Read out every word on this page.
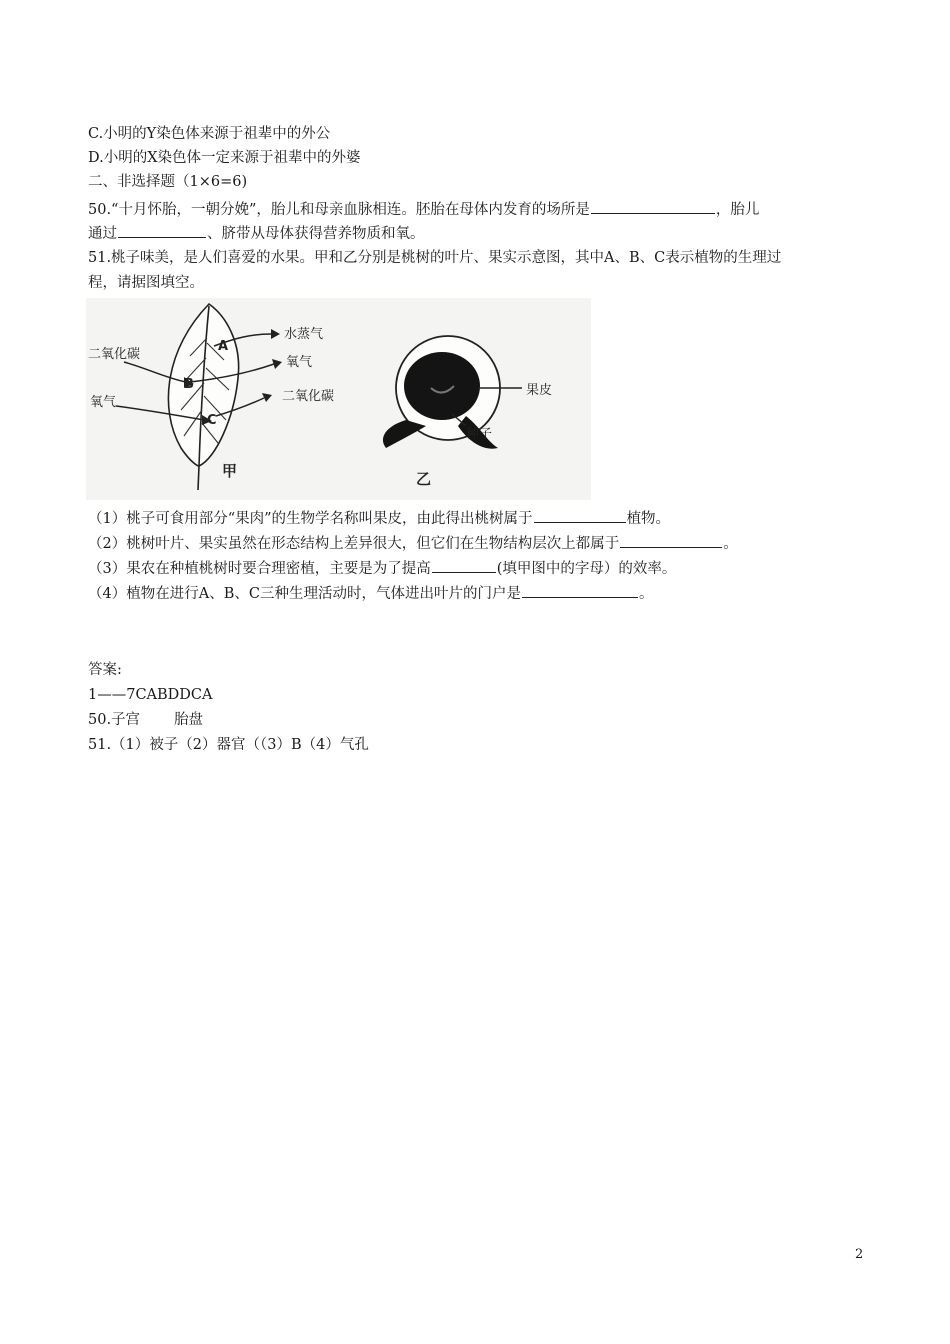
C.小明的Y染色体来源于祖辈中的外公
D.小明的X染色体一定来源于祖辈中的外婆
二、非选择题（1×6=6)
50.“十月怀胎，一朝分娩”，胎儿和母亲血脉相连。胚胎在母体内发育的场所是	，胎儿
通过	、脐带从母体获得营养物质和氧。
51.桃子味美，是人们喜爱的水果。甲和乙分别是桃树的叶片、果实示意图，其中A、B、C表示植物的生理过
程，请据图填空。
二氧化碳
氧气
水蒸气
氧气
二氧化碳
A
B
C
甲
果皮
种子
乙
（1）桃子可食用部分“果肉”的生物学名称叫果皮，由此得出桃树属于	植物。
（2）桃树叶片、果实虽然在形态结构上差异很大，但它们在生物结构层次上都属于	。
（3）果农在种植桃树时要合理密植，主要是为了提高	(填甲图中的字母）的效率。
（4）植物在进行A、B、C三种生理活动时，气体进出叶片的门户是	。
答案:
1——7CABDDCA
50.子宫 胎盘
51.（1）被子（2）器官（（3）B（4）气孔
2
